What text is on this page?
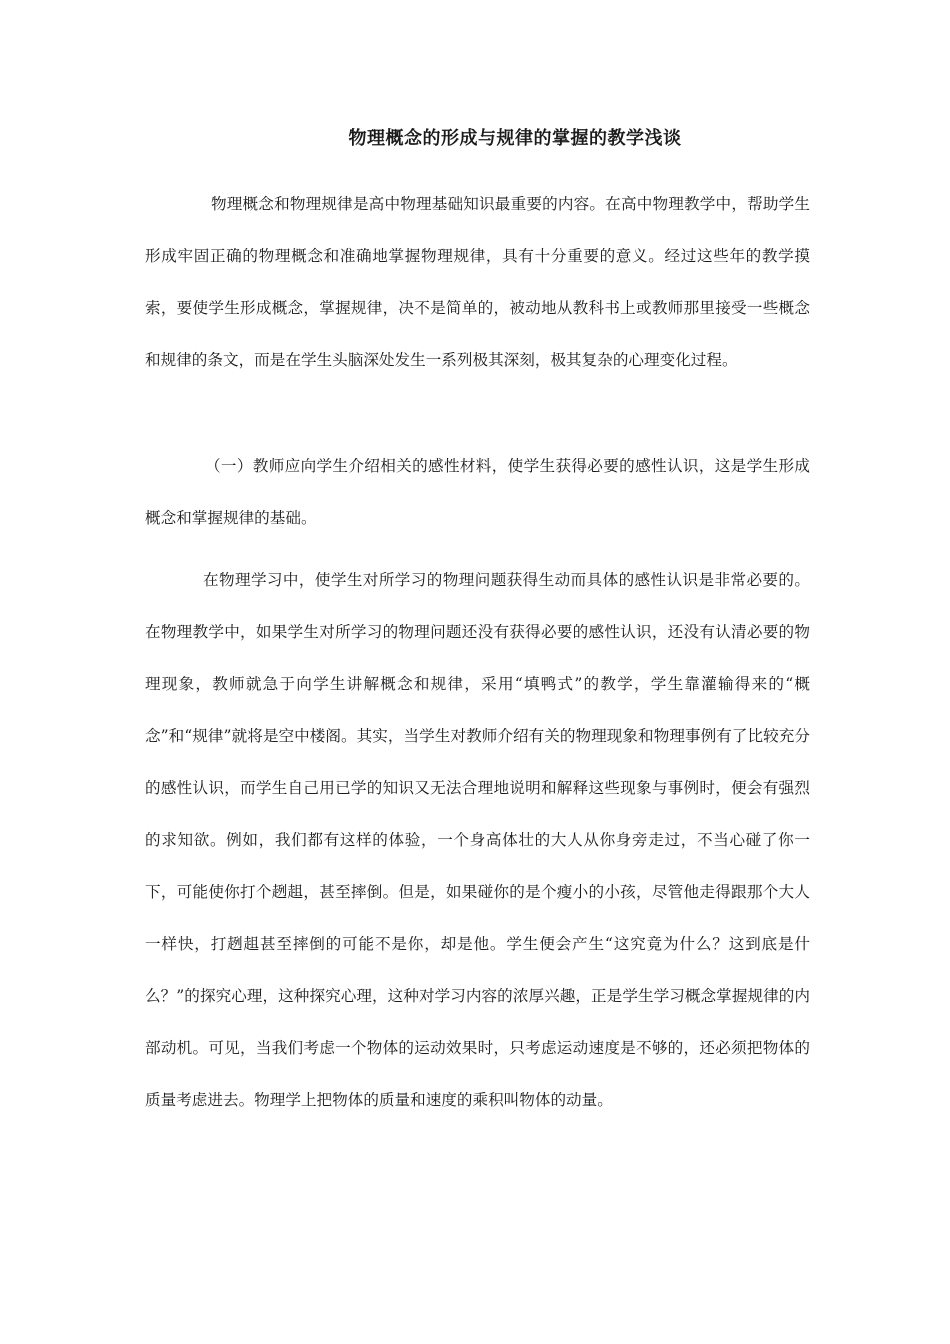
物理概念的形成与规律的掌握的教学浅谈

物理概念和物理规律是高中物理基础知识最重要的内容。在高中物理教学中，帮助学生形成牢固正确的物理概念和准确地掌握物理规律，具有十分重要的意义。经过这些年的教学摸索，要使学生形成概念，掌握规律，决不是简单的，被动地从教科书上或教师那里接受一些概念和规律的条文，而是在学生头脑深处发生一系列极其深刻，极其复杂的心理变化过程。

（一）教师应向学生介绍相关的感性材料，使学生获得必要的感性认识，这是学生形成概念和掌握规律的基础。

在物理学习中，使学生对所学习的物理问题获得生动而具体的感性认识是非常必要的。在物理教学中，如果学生对所学习的物理问题还没有获得必要的感性认识，还没有认清必要的物理现象，教师就急于向学生讲解概念和规律，采用“填鸭式”的教学，学生靠灌输得来的“概念”和“规律”就将是空中楼阁。其实，当学生对教师介绍有关的物理现象和物理事例有了比较充分的感性认识，而学生自己用已学的知识又无法合理地说明和解释这些现象与事例时，便会有强烈的求知欲。例如，我们都有这样的体验，一个身高体壮的大人从你身旁走过，不当心碰了你一下，可能使你打个趔趄，甚至摔倒。但是，如果碰你的是个瘦小的小孩，尽管他走得跟那个大人一样快，打趔趄甚至摔倒的可能不是你，却是他。学生便会产生“这究竟为什么？这到底是什么？”的探究心理，这种探究心理，这种对学习内容的浓厚兴趣，正是学生学习概念掌握规律的内部动机。可见，当我们考虑一个物体的运动效果时，只考虑运动速度是不够的，还必须把物体的质量考虑进去。物理学上把物体的质量和速度的乘积叫物体的动量。
